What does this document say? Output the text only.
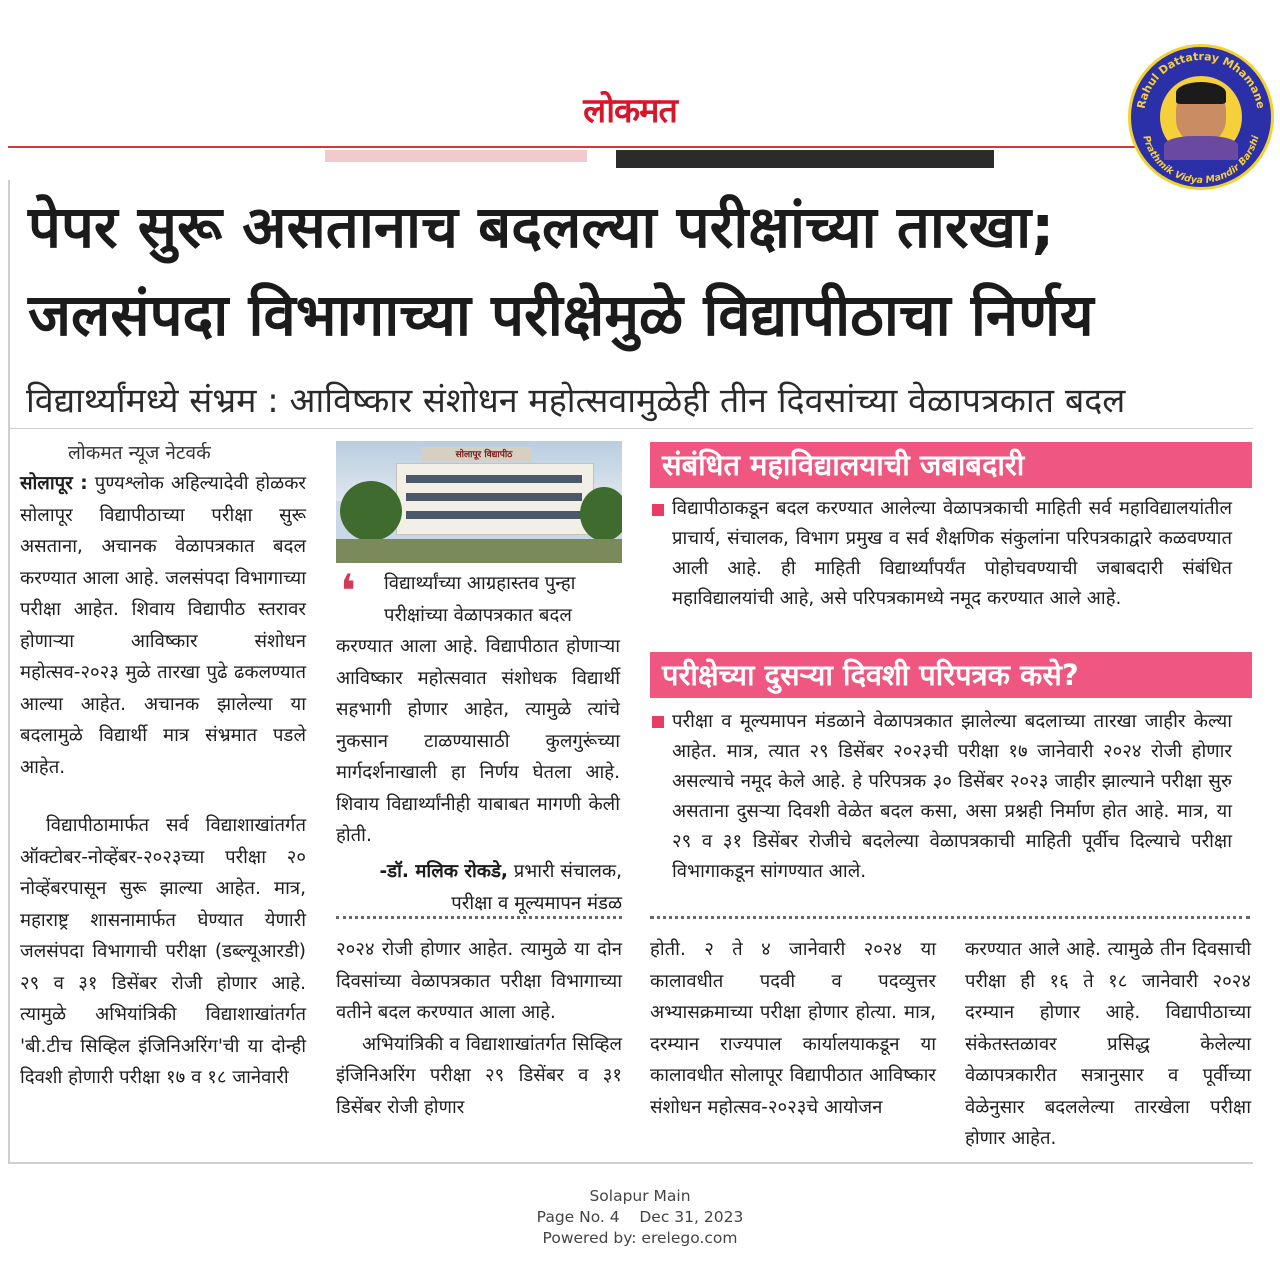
लोकमत	Rahul Dattatray Mhamane
Prathmik Vidya Mandir Barshi
पेपर सुरू असतानाच बदलल्या परीक्षांच्या तारखा;
जलसंपदा विभागाच्या परीक्षेमुळे विद्यापीठाचा निर्णय
विद्यार्थ्यांमध्ये संभ्रम : आविष्कार संशोधन महोत्सवामुळेही तीन दिवसांच्या वेळापत्रकात बदल
लोकमत न्यूज नेटवर्क

सोलापूर : पुण्यश्लोक अहिल्यादेवी होळकर सोलापूर विद्यापीठाच्या परीक्षा सुरू असताना, अचानक वेळापत्रकात बदल करण्यात आला आहे. जलसंपदा विभागाच्या परीक्षा आहेत. शिवाय विद्यापीठ स्तरावर होणाऱ्या आविष्कार संशोधन महोत्सव-२०२३ मुळे तारखा पुढे ढकलण्यात आल्या आहेत. अचानक झालेल्या या बदलामुळे विद्यार्थी मात्र संभ्रमात पडले आहेत.

विद्यापीठामार्फत सर्व विद्याशाखांतर्गत ऑक्टोबर-नोव्हेंबर-२०२३च्या परीक्षा २० नोव्हेंबरपासून सुरू झाल्या आहेत. मात्र, महाराष्ट्र शासनामार्फत घेण्यात येणारी जलसंपदा विभागाची परीक्षा (डब्ल्यूआरडी) २९ व ३१ डिसेंबर रोजी होणार आहे. त्यामुळे अभियांत्रिकी विद्याशाखांतर्गत 'बी.टीच सिव्हिल इंजिनिअरिंग'ची या दोन्ही दिवशी होणारी परीक्षा १७ व १८ जानेवारी

सोलापूर विद्यापीठ
❛	विद्यार्थ्यांच्या आग्रहास्तव पुन्हा

परीक्षांच्या वेळापत्रकात बदल

करण्यात आला आहे. विद्यापीठात होणाऱ्या आविष्कार महोत्सवात संशोधक विद्यार्थी सहभागी होणार आहेत, त्यामुळे त्यांचे नुकसान टाळण्यासाठी कुलगुरूंच्या मार्गदर्शनाखाली हा निर्णय घेतला आहे. शिवाय विद्यार्थ्यांनीही याबाबत मागणी केली होती.

-डॉ. मलिक रोकडे, प्रभारी संचालक,
परीक्षा व मूल्यमापन मंडळ

२०२४ रोजी होणार आहेत. त्यामुळे या दोन दिवसांच्या वेळापत्रकात परीक्षा विभागाच्या वतीने बदल करण्यात आला आहे.

अभियांत्रिकी व विद्याशाखांतर्गत सिव्हिल इंजिनिअरिंग परीक्षा २९ डिसेंबर व ३१ डिसेंबर रोजी होणार

संबंधित महाविद्यालयाची जबाबदारी
विद्यापीठाकडून बदल करण्यात आलेल्या वेळापत्रकाची माहिती सर्व महाविद्यालयांतील प्राचार्य, संचालक, विभाग प्रमुख व सर्व शैक्षणिक संकुलांना परिपत्रकाद्वारे कळवण्यात आली आहे. ही माहिती विद्यार्थ्यांपर्यंत पोहोचवण्याची जबाबदारी संबंधित महाविद्यालयांची आहे, असे परिपत्रकामध्ये नमूद करण्यात आले आहे.
परीक्षेच्या दुसऱ्या दिवशी परिपत्रक कसे?
परीक्षा व मूल्यमापन मंडळाने वेळापत्रकात झालेल्या बदलाच्या तारखा जाहीर केल्या आहेत. मात्र, त्यात २९ डिसेंबर २०२३ची परीक्षा १७ जानेवारी २०२४ रोजी होणार असल्याचे नमूद केले आहे. हे परिपत्रक ३० डिसेंबर २०२३ जाहीर झाल्याने परीक्षा सुरु असताना दुसऱ्या दिवशी वेळेत बदल कसा, असा प्रश्नही निर्माण होत आहे. मात्र, या २९ व ३१ डिसेंबर रोजीचे बदलेल्या वेळापत्रकाची माहिती पूर्वीच दिल्याचे परीक्षा विभागाकडून सांगण्यात आले.
होती. २ ते ४ जानेवारी २०२४ या कालावधीत पदवी व पदव्युत्तर अभ्यासक्रमाच्या परीक्षा होणार होत्या. मात्र, दरम्यान राज्यपाल कार्यालयाकडून या कालावधीत सोलापूर विद्यापीठात आविष्कार संशोधन महोत्सव-२०२३चे आयोजन
करण्यात आले आहे. त्यामुळे तीन दिवसाची परीक्षा ही १६ ते १८ जानेवारी २०२४ दरम्यान होणार आहे. विद्यापीठाच्या संकेतस्तळावर प्रसिद्ध केलेल्या वेळापत्रकारीत सत्रानुसार व पूर्वीच्या वेळेनुसार बदललेल्या तारखेला परीक्षा होणार आहेत.
Solapur Main
Page No. 4 Dec 31, 2023
Powered by: erelego.com
